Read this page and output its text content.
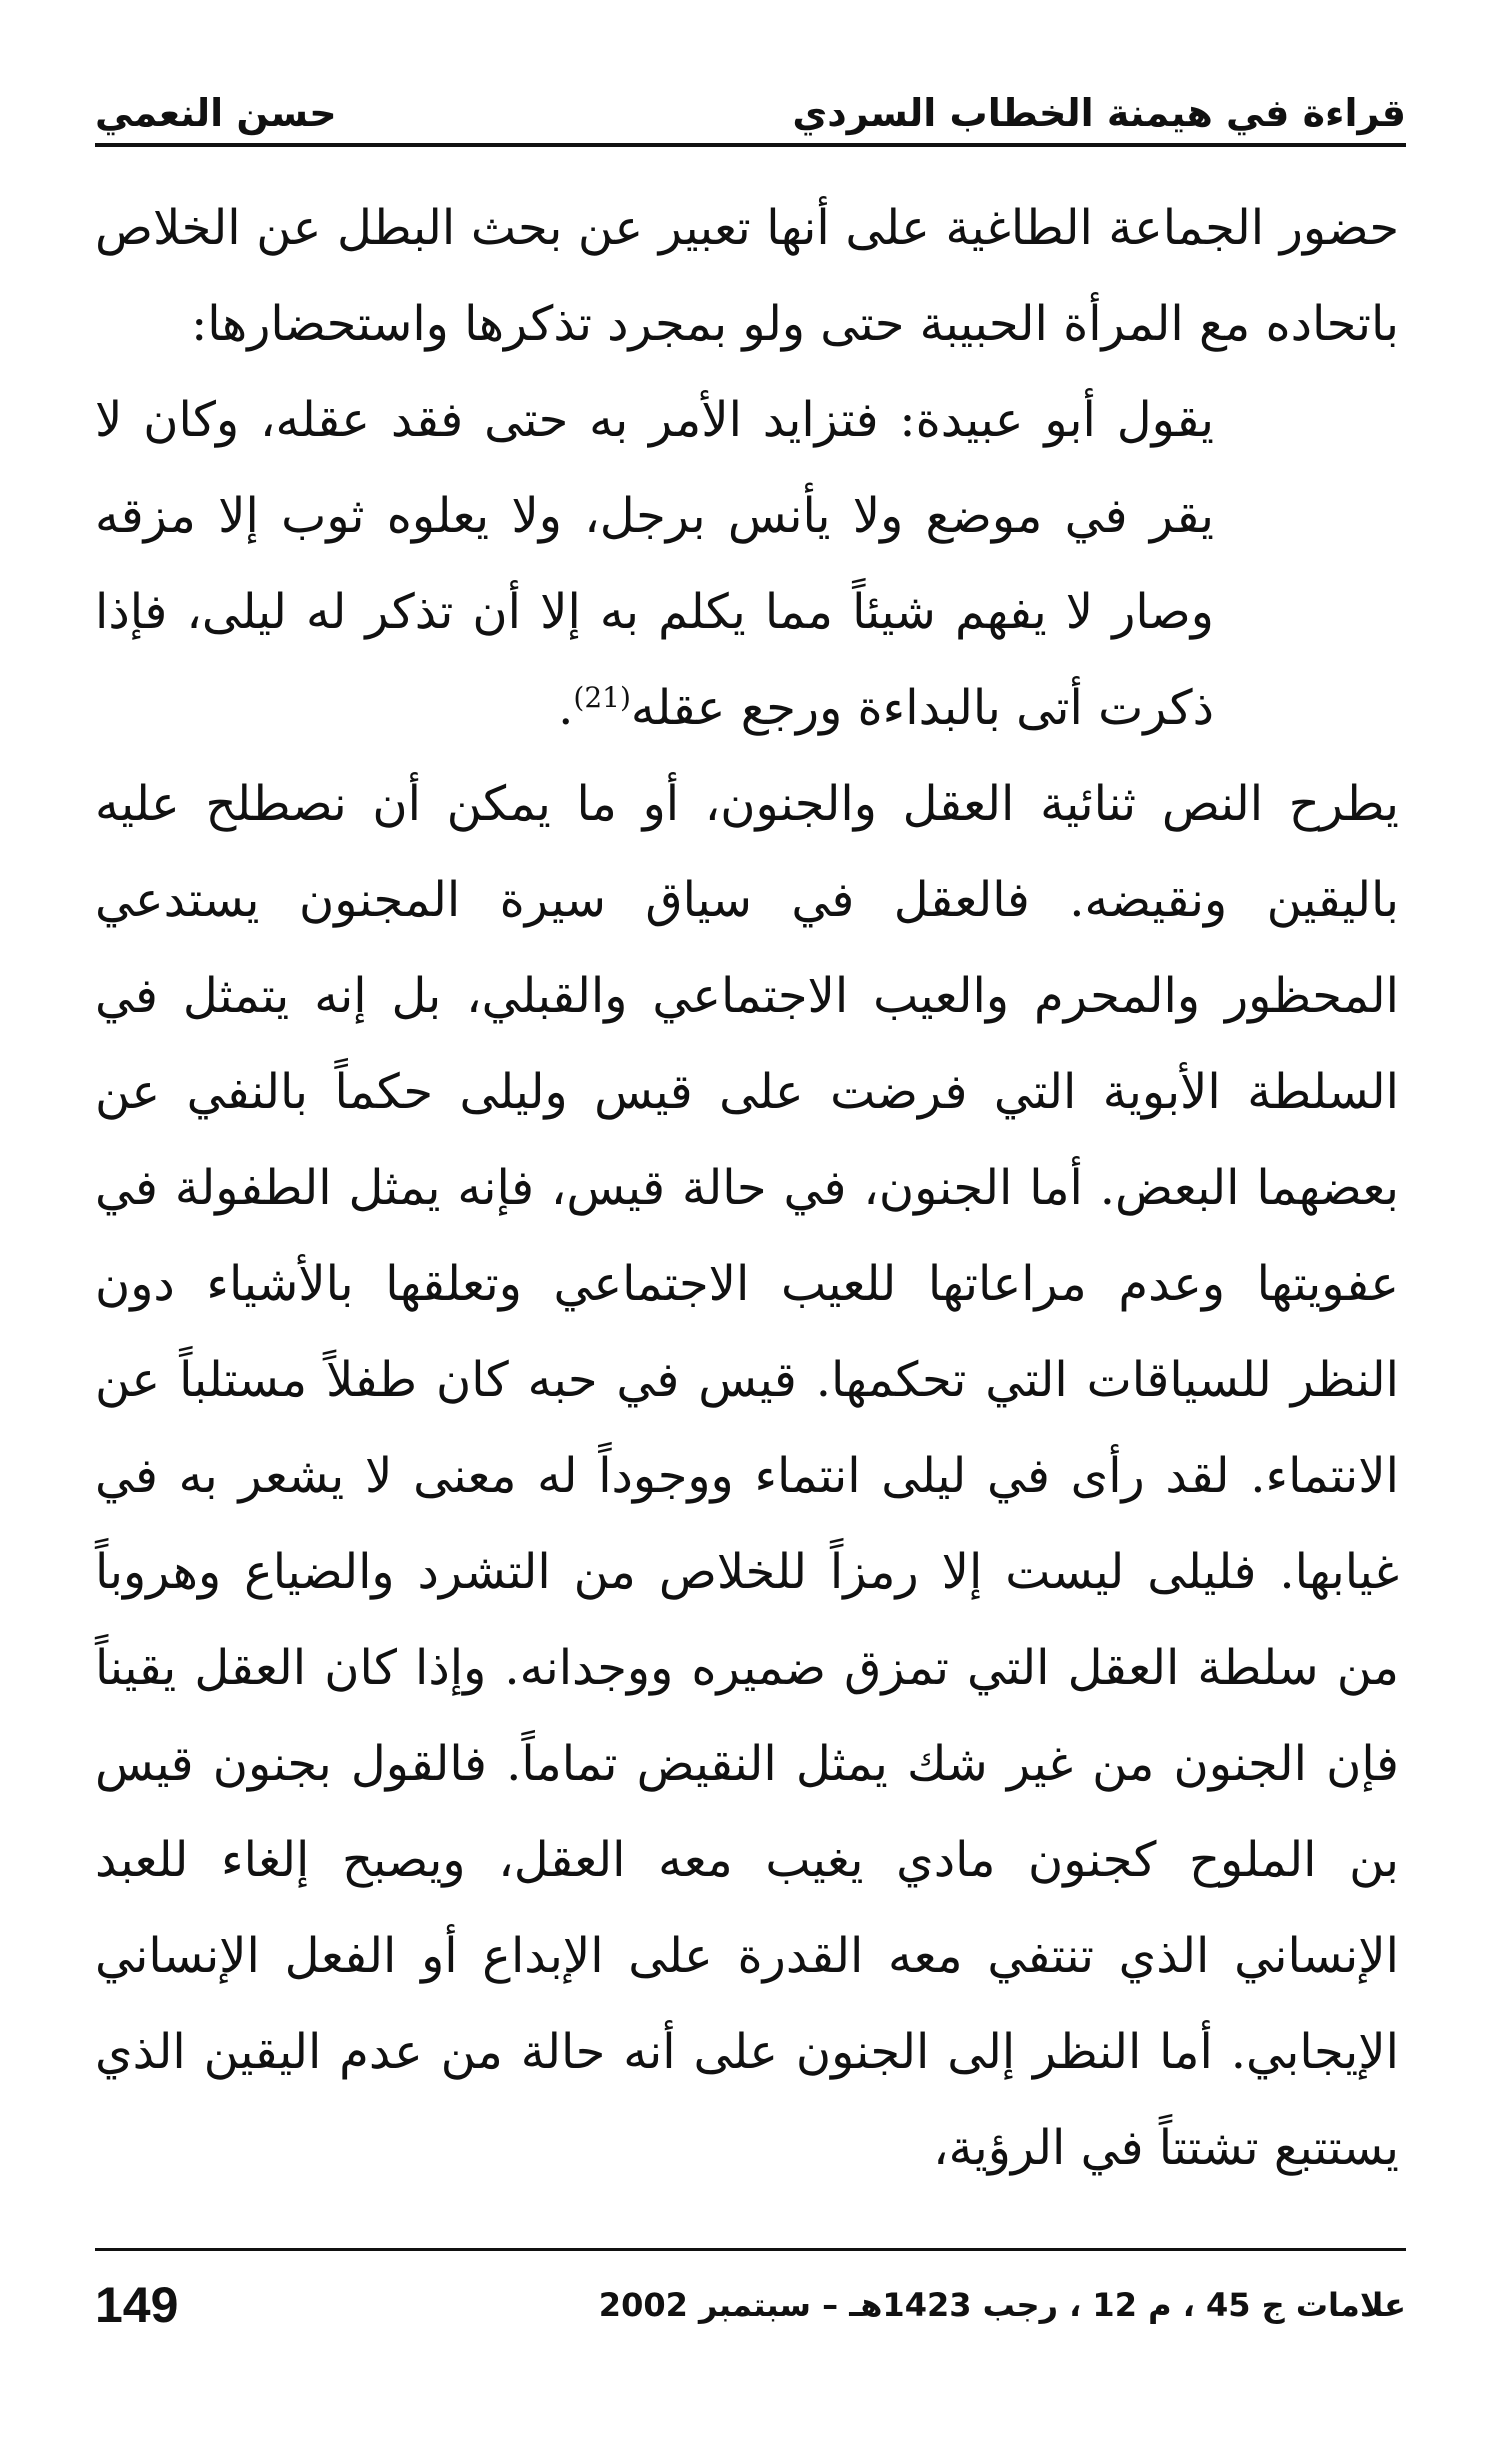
قراءة في هيمنة الخطاب السردي
حسن النعمي

حضور الجماعة الطاغية على أنها تعبير عن بحث البطل عن الخلاص باتحاده مع المرأة الحبيبة حتى ولو بمجرد تذكرها واستحضارها:

يقول أبو عبيدة: فتزايد الأمر به حتى فقد عقله، وكان لا يقر في موضع ولا يأنس برجل، ولا يعلوه ثوب إلا مزقه وصار لا يفهم شيئاً مما يكلم به إلا أن تذكر له ليلى، فإذا ذكرت أتى بالبداءة ورجع عقله$^{(21)}$.

يطرح النص ثنائية العقل والجنون، أو ما يمكن أن نصطلح عليه باليقين ونقيضه. فالعقل في سياق سيرة المجنون يستدعي المحظور والمحرم والعيب الاجتماعي والقبلي، بل إنه يتمثل في السلطة الأبوية التي فرضت على قيس وليلى حكماً بالنفي عن بعضهما البعض. أما الجنون، في حالة قيس، فإنه يمثل الطفولة في عفويتها وعدم مراعاتها للعيب الاجتماعي وتعلقها بالأشياء دون النظر للسياقات التي تحكمها. قيس في حبه كان طفلاً مستلباً عن الانتماء. لقد رأى في ليلى انتماء ووجوداً له معنى لا يشعر به في غيابها. فليلى ليست إلا رمزاً للخلاص من التشرد والضياع وهروباً من سلطة العقل التي تمزق ضميره ووجدانه. وإذا كان العقل يقيناً فإن الجنون من غير شك يمثل النقيض تماماً. فالقول بجنون قيس بن الملوح كجنون مادي يغيب معه العقل، ويصبح إلغاء للعبد الإنساني الذي تنتفي معه القدرة على الإبداع أو الفعل الإنساني الإيجابي. أما النظر إلى الجنون على أنه حالة من عدم اليقين الذي يستتبع تشتتاً في الرؤية،

علامات ج 45 ، م 12 ، رجب 1423هـ – سبتمبر 2002
149
